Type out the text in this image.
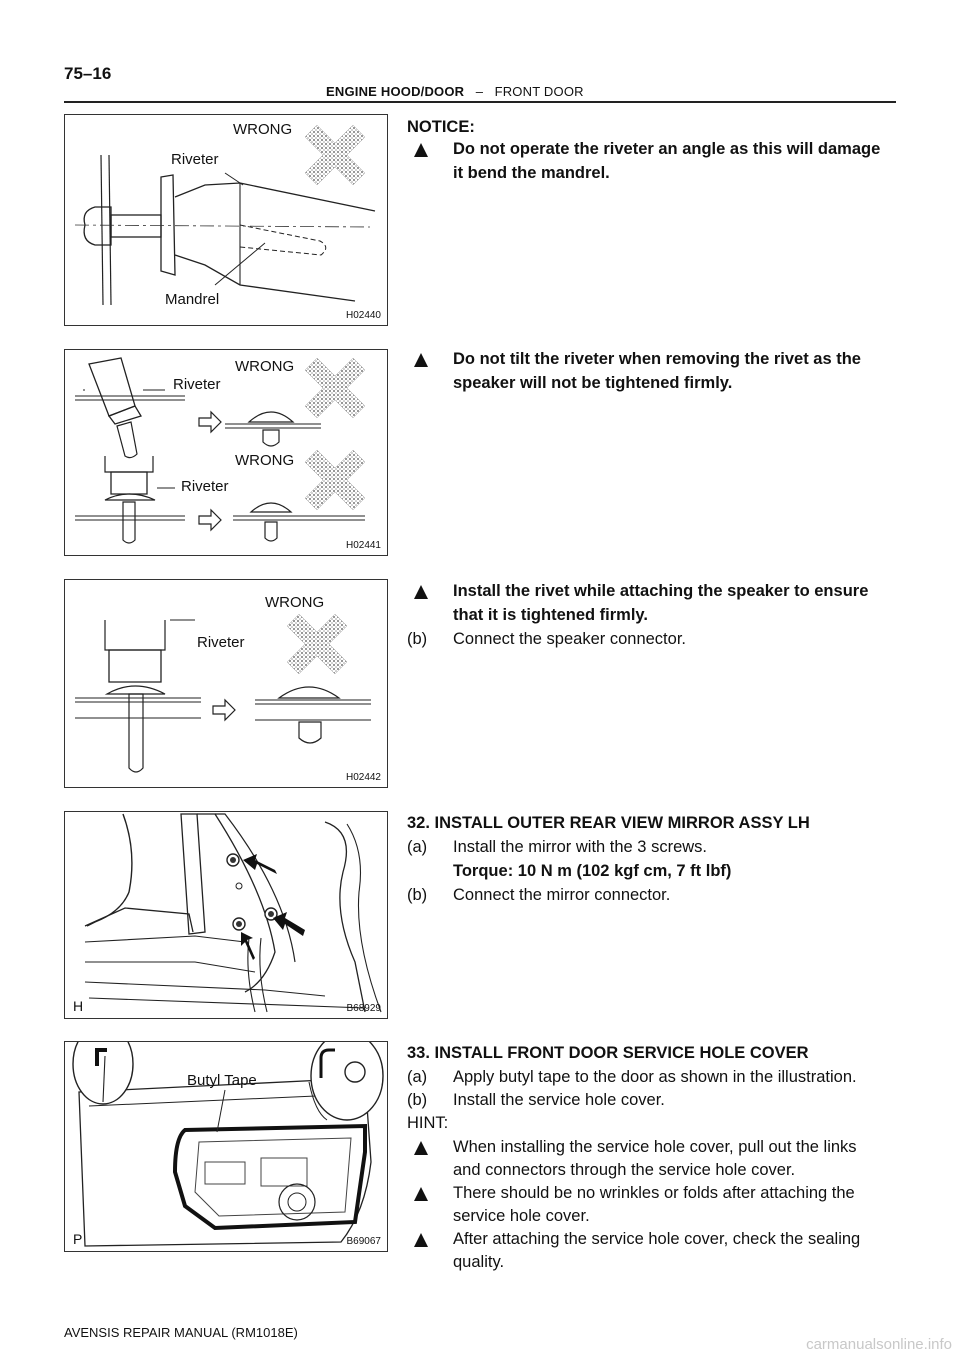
75–16
ENGINE HOOD/DOOR – FRONT DOOR
WRONG
Riveter
Mandrel
H02440
WRONG
Riveter
WRONG
Riveter
H02441
WRONG
Riveter
H02442
H	B68929
Butyl Tape
P	B69067
NOTICE:
Do not operate the riveter an angle as this will damage
it bend the mandrel.
Do not tilt the riveter when removing the rivet as the
speaker will not be tightened firmly.
Install the rivet while attaching the speaker to ensure
that it is tightened firmly.
(b) Connect the speaker connector.
32. INSTALL OUTER REAR VIEW MIRROR ASSY LH
(a) Install the mirror with the 3 screws.
Torque: 10 N m (102 kgf cm, 7 ft lbf)
(b) Connect the mirror connector.
33. INSTALL FRONT DOOR SERVICE HOLE COVER
(a) Apply butyl tape to the door as shown in the illustration.
(b) Install the service hole cover.
HINT:
When installing the service hole cover, pull out the links
and connectors through the service hole cover.
There should be no wrinkles or folds after attaching the
service hole cover.
After attaching the service hole cover, check the sealing
quality.
AVENSIS REPAIR MANUAL (RM1018E)
carmanualsonline.info
